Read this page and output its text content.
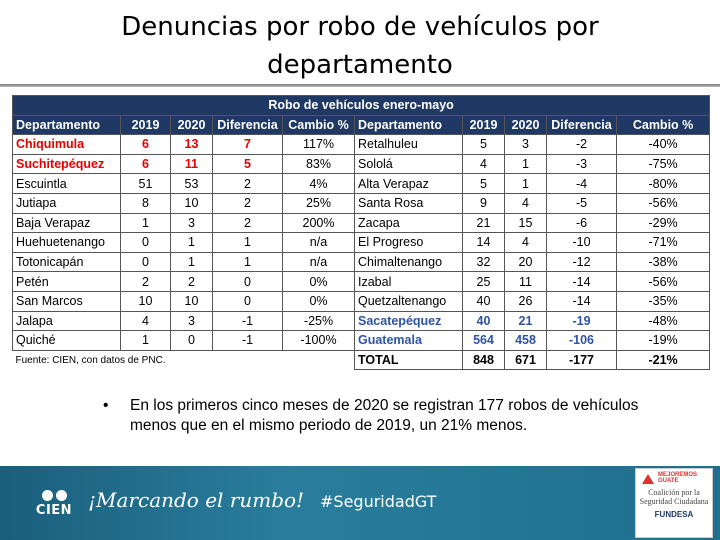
Denuncias por robo de vehículos por
departamento
Robo de vehículos enero-mayo									
Departamento	2019	2020	Diferencia	Cambio %	Departamento	2019	2020	Diferencia	Cambio %
Chiquimula	6	13	7	117%	Retalhuleu	5	3	-2	-40%
Suchitepéquez	6	11	5	83%	Sololá	4	1	-3	-75%
Escuintla	51	53	2	4%	Alta Verapaz	5	1	-4	-80%
Jutiapa	8	10	2	25%	Santa Rosa	9	4	-5	-56%
Baja Verapaz	1	3	2	200%	Zacapa	21	15	-6	-29%
Huehuetenango	0	1	1	n/a	El Progreso	14	4	-10	-71%
Totonicapán	0	1	1	n/a	Chimaltenango	32	20	-12	-38%
Petén	2	2	0	0%	Izabal	25	11	-14	-56%
San Marcos	10	10	0	0%	Quetzaltenango	40	26	-14	-35%
Jalapa	4	3	-1	-25%	Sacatepéquez	40	21	-19	-48%
Quiché	1	0	-1	-100%	Guatemala	564	458	-106	-19%
Fuente: CIEN, con datos de PNC.					TOTAL	848	671	-177	-21%
• En los primeros cinco meses de 2020 se registran 177 robos de vehículos menos que en el mismo periodo de 2019, un 21% menos.
CIEN ¡Marcando el rumbo! #SeguridadGT
MEJOREMOS GUATE
Coalición por la Seguridad Ciudadana
FUNDESA
